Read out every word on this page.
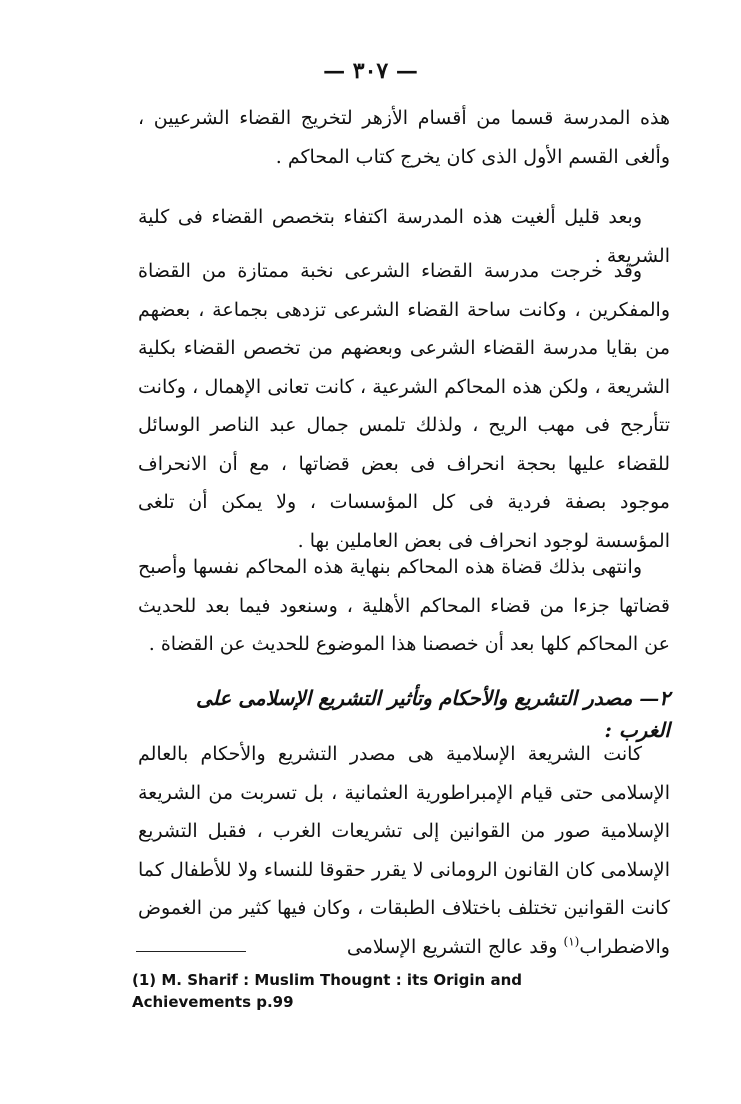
— ٣٠٧ —

هذه المدرسة قسما من أقسام الأزهر لتخريج القضاء الشرعيين ، وألغى القسم الأول الذى كان يخرج كتاب المحاكم .

وبعد قليل ألغيت هذه المدرسة اكتفاء بتخصص القضاء فى كلية الشريعة .

وقد خرجت مدرسة القضاء الشرعى نخبة ممتازة من القضاة والمفكرين ، وكانت ساحة القضاء الشرعى تزدهى بجماعة ، بعضهم من بقايا مدرسة القضاء الشرعى وبعضهم من تخصص القضاء بكلية الشريعة ، ولكن هذه المحاكم الشرعية ، كانت تعانى الإهمال ، وكانت تتأرجح فى مهب الريح ، ولذلك تلمس جمال عبد الناصر الوسائل للقضاء عليها بحجة انحراف فى بعض قضاتها ، مع أن الانحراف موجود بصفة فردية فى كل المؤسسات ، ولا يمكن أن تلغى المؤسسة لوجود انحراف فى بعض العاملين بها .

وانتهى بذلك قضاة هذه المحاكم بنهاية هذه المحاكم نفسها وأصبح قضاتها جزءا من قضاء المحاكم الأهلية ، وسنعود فيما بعد للحديث عن المحاكم كلها بعد أن خصصنا هذا الموضوع للحديث عن القضاة .

٢— مصدر التشريع والأحكام وتأثير التشريع الإسلامى على الغرب :

كانت الشريعة الإسلامية هى مصدر التشريع والأحكام بالعالم الإسلامى حتى قيام الإمبراطورية العثمانية ، بل تسربت من الشريعة الإسلامية صور من القوانين إلى تشريعات الغرب ، فقبل التشريع الإسلامى كان القانون الرومانى لا يقرر حقوقا للنساء ولا للأطفال كما كانت القوانين تختلف باختلاف الطبقات ، وكان فيها كثير من الغموض والاضطراب$^{(١)}$ وقد عالج التشريع الإسلامى

(1) M. Sharif : Muslim Thougnt : its Origin and
Achievements p.99
